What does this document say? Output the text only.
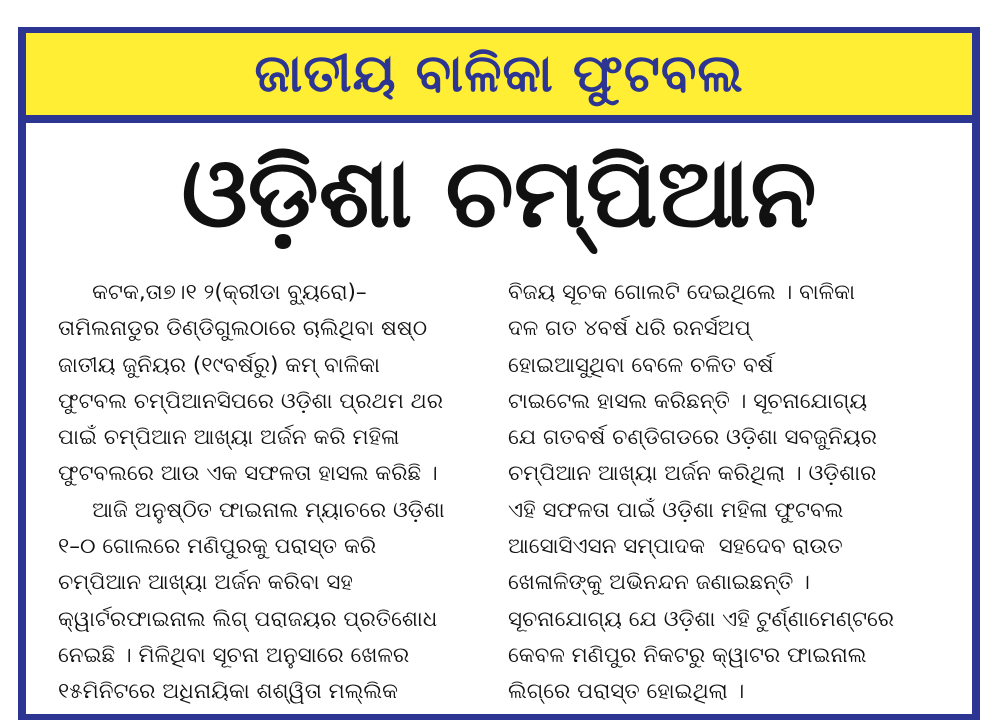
ଜାତୀୟ ବାଳିକା ଫୁଟବଲ
ଓଡ଼ିଶା ଚମ୍ପିଆନ
କଟକ,ତା୭।୧ ୨(କ୍ରୀଡା ବ୍ୟୁରୋ)–
ତାମିଲନାଡୁର ଡିଣ୍ଡିଗୁଲଠାରେ ଚାଲିଥିବା ଷଷ୍ଠ
ଜାତୀୟ ଜୁନିୟର (୧୯ବର୍ଷରୁ) କମ୍ ବାଳିକା
ଫୁଟବଲ ଚମ୍ପିଆନସିପରେ ଓଡ଼ିଶା ପ୍ରଥମ ଥର
ପାଇଁ ଚମ୍ପିଆନ ଆଖ୍ୟା ଅର୍ଜନ କରି ମହିଳା
ଫୁଟବଲରେ ଆଉ ଏକ ସଫଳତା ହାସଲ କରିଛି ।
ଆଜି ଅନୁଷ୍ଠିତ ଫାଇନାଲ ମ୍ୟାଚରେ ଓଡ଼ିଶା
୧–୦ ଗୋଲରେ ମଣିପୁରକୁ ପରାସ୍ତ କରି
ଚମ୍ପିଆନ ଆଖ୍ୟା ଅର୍ଜନ କରିବା ସହ
କ୍ୱାର୍ଟରଫାଇନାଲ ଲିଗ୍ ପରାଜୟର ପ୍ରତିଶୋଧ
ନେଇଛି । ମିଳିଥିବା ସୂଚନା ଅନୁସାରେ ଖେଳର
୧୫ମିନିଟରେ ଅଧିନାୟିକା ଶଶ୍ୱିତା ମଲ୍ଲିକ
ବିଜୟ ସୂଚକ ଗୋଲଟି ଦେଇଥିଲେ । ବାଳିକା
ଦଳ ଗତ ୪ବର୍ଷ ଧରି ରନର୍ସଅପ୍
ହୋଇଆସୁଥିବା ବେଳେ ଚଳିତ ବର୍ଷ
ଟାଇଟେଲ ହାସଲ କରିଛନ୍ତି । ସୂଚନାଯୋଗ୍ୟ
ଯେ ଗତବର୍ଷ ଚଣ୍ଡିଗଡରେ ଓଡ଼ିଶା ସବଜୁନିୟର
ଚମ୍ପିଆନ ଆଖ୍ୟା ଅର୍ଜନ କରିଥିଲା । ଓଡ଼ିଶାର
ଏହି ସଫଳତା ପାଇଁ ଓଡ଼ିଶା ମହିଳା ଫୁଟବଲ
ଆସୋସିଏସନ ସମ୍ପାଦକ  ସହଦେବ ରାଉତ
ଖେଳାଳିଙ୍କୁ ଅଭିନନ୍ଦନ ଜଣାଇଛନ୍ତି ।
ସୂଚନାଯୋଗ୍ୟ ଯେ ଓଡ଼ିଶା ଏହି ଟୁର୍ଣ୍ଣାମେଣ୍ଟରେ
କେବଳ ମଣିପୁର ନିକଟରୁ କ୍ୱାଟର ଫାଇନାଲ
ଲିଗ୍‌ରେ ପରାସ୍ତ ହୋଇଥିଲା ।
